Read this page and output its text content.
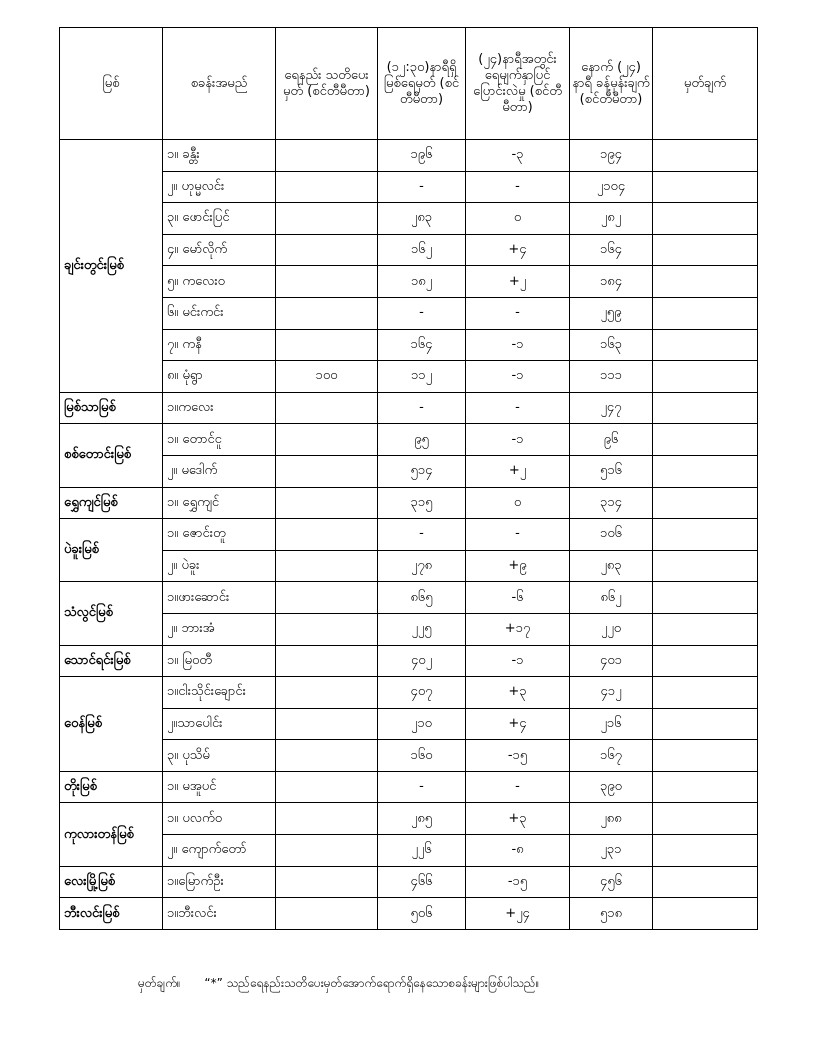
မြစ်	စခန်းအမည်	ရေနည်း သတိပေးမှတ် (စင်တီမီတာ)	(၁၂:၃၀)နာရီရှိ မြစ်ရေမှတ် (စင်တီမီတာ)	(၂၄)နာရီအတွင်း ရေမျက်နှာပြင် ပြောင်းလဲမှု (စင်တီမီတာ)	နောက် (၂၄) နာရီ ခန့်မှန်းချက် (စင်တီမီတာ)	မှတ်ချက်
ချင်းတွင်းမြစ်	၁။ ခန္တီး		၁၉၆	-၃	၁၉၄	
	၂။ ဟုမ္မလင်း		-	-	၂၁၀၄	
	၃။ ဖောင်းပြင်		၂၈၃	၀	၂၈၂	
	၄။ မော်လိုက်		၁၆၂	+၄	၁၆၄	
	၅။ ကလေးဝ		၁၈၂	+၂	၁၈၄	
	၆။ မင်းကင်း		-	-	၂၅၉	
	၇။ ကနီ		၁၆၄	-၁	၁၆၃	
	၈။ မုံရွာ	၁၀၀	၁၁၂	-၁	၁၁၁	
မြစ်သာမြစ်	၁။ကလေး		-	-	၂၄၇	
စစ်တောင်းမြစ်	၁။ တောင်ငူ		၉၅	-၁	၉၆	
	၂။ မဒေါက်		၅၁၄	+၂	၅၁၆	
ရွှေကျင်မြစ်	၁။ ရွှေကျင်		၃၁၅	၀	၃၁၄	
ပဲခူးမြစ်	၁။ ဇောင်းတူ		-	-	၁၀၆	
	၂။ ပဲခူး		၂၇၈	+၉	၂၈၃	
သံလွင်မြစ်	၁။ဖားဆောင်း		၈၆၅	-၆	၈၆၂	
	၂။ ဘားအံ		၂၂၅	+၁၇	၂၂၀	
သောင်ရင်းမြစ်	၁။ မြဝတီ		၄၀၂	-၁	၄၀၁	
ဝေန်မြစ်	၁။ငါးသိုင်းချောင်း		၄၀၇	+၃	၄၁၂	
	၂။သာပေါင်း		၂၁၀	+၄	၂၁၆	
	၃။ ပုသိမ်		၁၆၀	-၁၅	၁၆၇	
တိုးမြစ်	၁။ မအူပင်		-	-	၃၉၀	
ကုလားတန်မြစ်	၁။ ပလက်ဝ		၂၈၅	+၃	၂၈၈	
	၂။ ကျောက်တော်		၂၂၆	-၈	၂၃၁	
လေးမြို့မြစ်	၁။မြောက်ဦး		၄၆၆	-၁၅	၄၅၆	
ဘီးလင်းမြစ်	၁။ဘီးလင်း		၅၀၆	+၂၄	၅၁၈	
မှတ်ချက်။ “*” သည်ရေနည်းသတိပေးမှတ်အောက်ရောက်ရှိနေသောစခန်းများဖြစ်ပါသည်။
